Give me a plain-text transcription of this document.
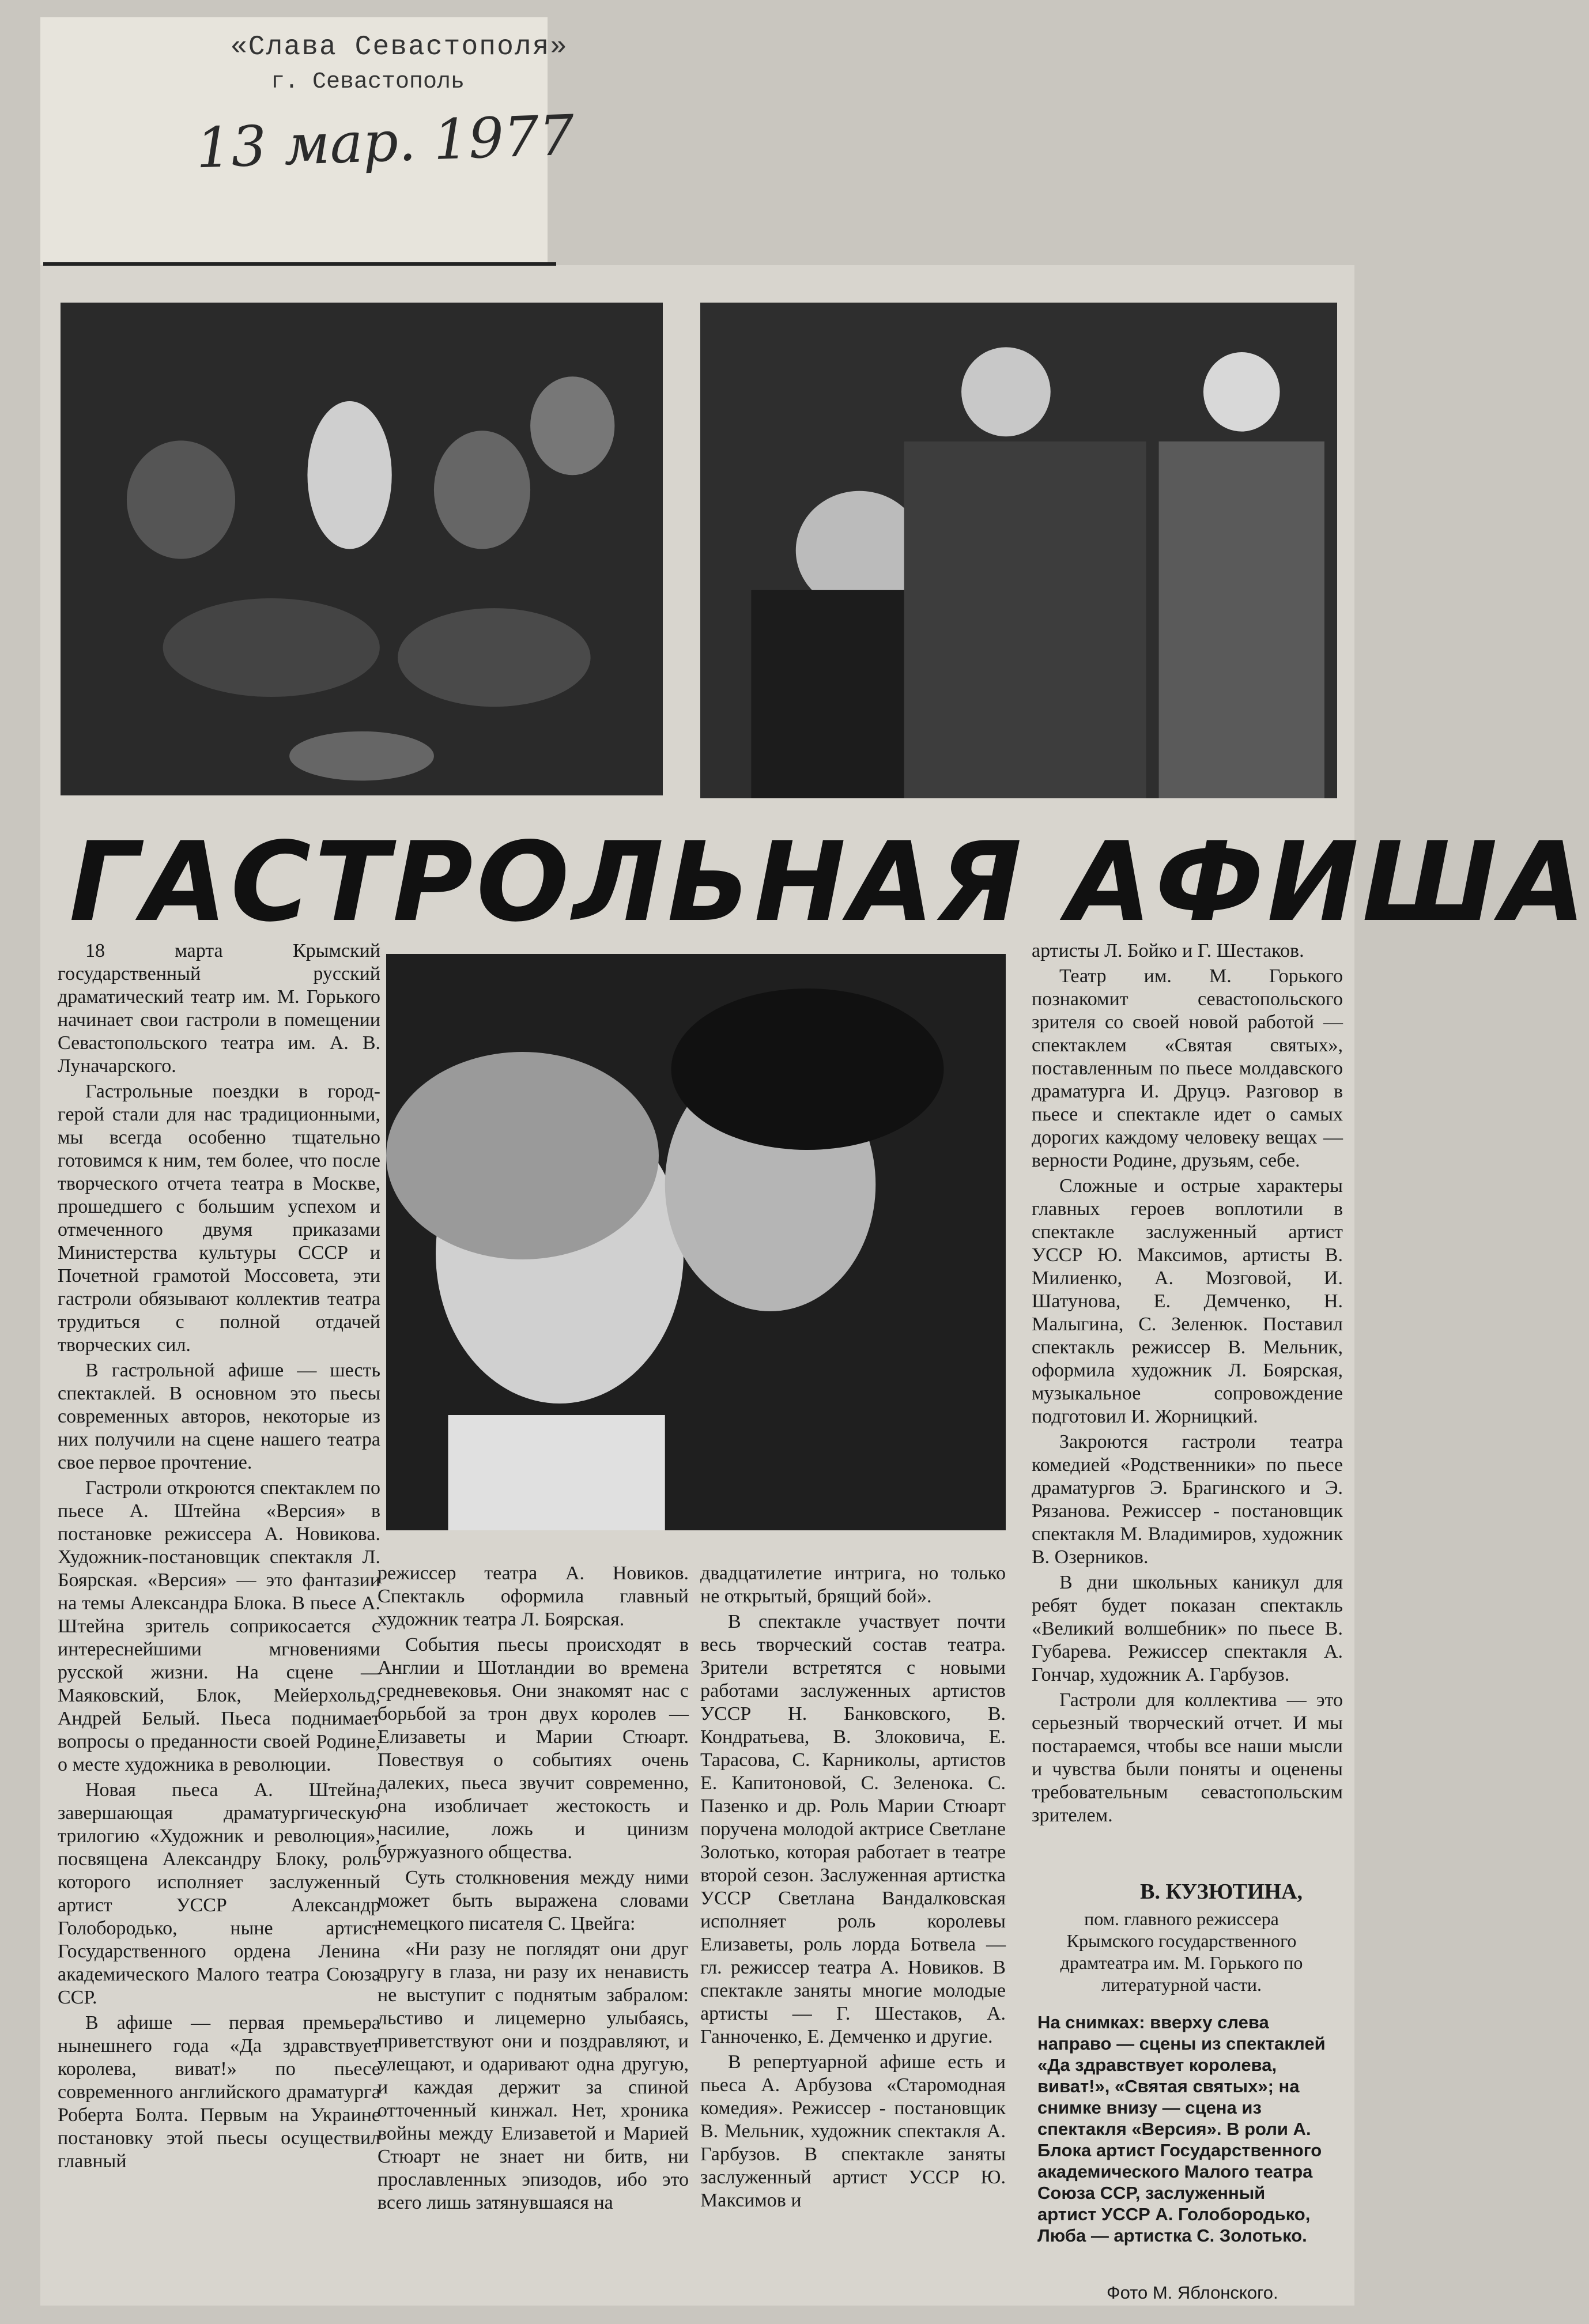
«Слава Севастополя»
г. Севастополь
13 мар. 1977
ГАСТРОЛЬНАЯ АФИША

18 марта Крымский государственный русский драматический театр им. М. Горького начинает свои гастроли в помещении Севастопольского театра им. А. В. Луначарского.

Гастрольные поездки в город-герой стали для нас традиционными, мы всегда особенно тщательно готовимся к ним, тем более, что после творческого отчета театра в Москве, прошедшего с большим успехом и отмеченного двумя приказами Министерства культуры СССР и Почетной грамотой Моссовета, эти гастроли обязывают коллектив театра трудиться с полной отдачей творческих сил.

В гастрольной афише — шесть спектаклей. В основном это пьесы современных авторов, некоторые из них получили на сцене нашего театра свое первое прочтение.

Гастроли откроются спектаклем по пьесе А. Штейна «Версия» в постановке режиссера А. Новикова. Художник-постановщик спектакля Л. Боярская. «Версия» — это фантазии на темы Александра Блока. В пьесе А. Штейна зритель соприкосается с интереснейшими мгновениями русской жизни. На сцене — Маяковский, Блок, Мейерхольд, Андрей Белый. Пьеса поднимает вопросы о преданности своей Родине, о месте художника в революции.

Новая пьеса А. Штейна, завершающая драматургическую трилогию «Художник и революция», посвящена Александру Блоку, роль которого исполняет заслуженный артист УССР Александр Голобородько, ныне артист Государственного ордена Ленина академического Малого театра Союза ССР.

В афише — первая премьера нынешнего года «Да здравствует королева, виват!» по пьесе современного английского драматурга Роберта Болта. Первым на Украине постановку этой пьесы осуществил главный

режиссер театра А. Новиков. Спектакль оформила главный художник театра Л. Боярская.

События пьесы происходят в Англии и Шотландии во времена средневековья. Они знакомят нас с борьбой за трон двух королев — Елизаветы и Марии Стюарт. Повествуя о событиях очень далеких, пьеса звучит современно, она изобличает жестокость и насилие, ложь и цинизм буржуазного общества.

Суть столкновения между ними может быть выражена словами немецкого писателя С. Цвейга:

«Ни разу не поглядят они друг другу в глаза, ни разу их ненависть не выступит с поднятым забралом: льстиво и лицемерно улыбаясь, приветствуют они и поздравляют, и улещают, и одаривают одна другую, и каждая держит за спиной отточенный кинжал. Нет, хроника войны между Елизаветой и Марией Стюарт не знает ни битв, ни прославленных эпизодов, ибо это всего лишь затянувшаяся на

двадцатилетие интрига, но только не открытый, брящий бой».

В спектакле участвует почти весь творческий состав театра. Зрители встретятся с новыми работами заслуженных артистов УССР Н. Банковского, В. Кондратьева, В. Злоковича, Е. Тарасова, С. Карниколы, артистов Е. Капитоновой, С. Зеленока. С. Пазенко и др. Роль Марии Стюарт поручена молодой актрисе Светлане Золотько, которая работает в театре второй сезон. Заслуженная артистка УССР Светлана Вандалковская исполняет роль королевы Елизаветы, роль лорда Ботвела — гл. режиссер театра А. Новиков. В спектакле заняты многие молодые артисты — Г. Шестаков, А. Ганноченко, Е. Демченко и другие.

В репертуарной афише есть и пьеса А. Арбузова «Старомодная комедия». Режиссер - постановщик В. Мельник, художник спектакля А. Гарбузов. В спектакле заняты заслуженный артист УССР Ю. Максимов и

артисты Л. Бойко и Г. Шестаков.

Театр им. М. Горького познакомит севастопольского зрителя со своей новой работой — спектаклем «Святая святых», поставленным по пьесе молдавского драматурга И. Друцэ. Разговор в пьесе и спектакле идет о самых дорогих каждому человеку вещах — верности Родине, друзьям, себе.

Сложные и острые характеры главных героев воплотили в спектакле заслуженный артист УССР Ю. Максимов, артисты В. Милиенко, А. Мозговой, И. Шатунова, Е. Демченко, Н. Малыгина, С. Зеленюк. Поставил спектакль режиссер В. Мельник, оформила художник Л. Боярская, музыкальное сопровождение подготовил И. Жорницкий.

Закроются гастроли театра комедией «Родственники» по пьесе драматургов Э. Брагинского и Э. Рязанова. Режиссер - постановщик спектакля М. Владимиров, художник В. Озерников.

В дни школьных каникул для ребят будет показан спектакль «Великий волшебник» по пьесе В. Губарева. Режиссер спектакля А. Гончар, художник А. Гарбузов.

Гастроли для коллектива — это серьезный творческий отчет. И мы постараемся, чтобы все наши мысли и чувства были поняты и оценены требовательным севастопольским зрителем.

В. КУЗЮТИНА,
пом. главного режиссера Крымского государственного драмтеатра им. М. Горького по литературной части.
На снимках: вверху слева направо — сцены из спектаклей «Да здравствует королева, виват!», «Святая святых»; на снимке внизу — сцена из спектакля «Версия». В роли А. Блока артист Государственного академического Малого театра Союза ССР, заслуженный артист УССР А. Голобородько, Люба — артистка С. Золотько.
Фото М. Яблонского.
